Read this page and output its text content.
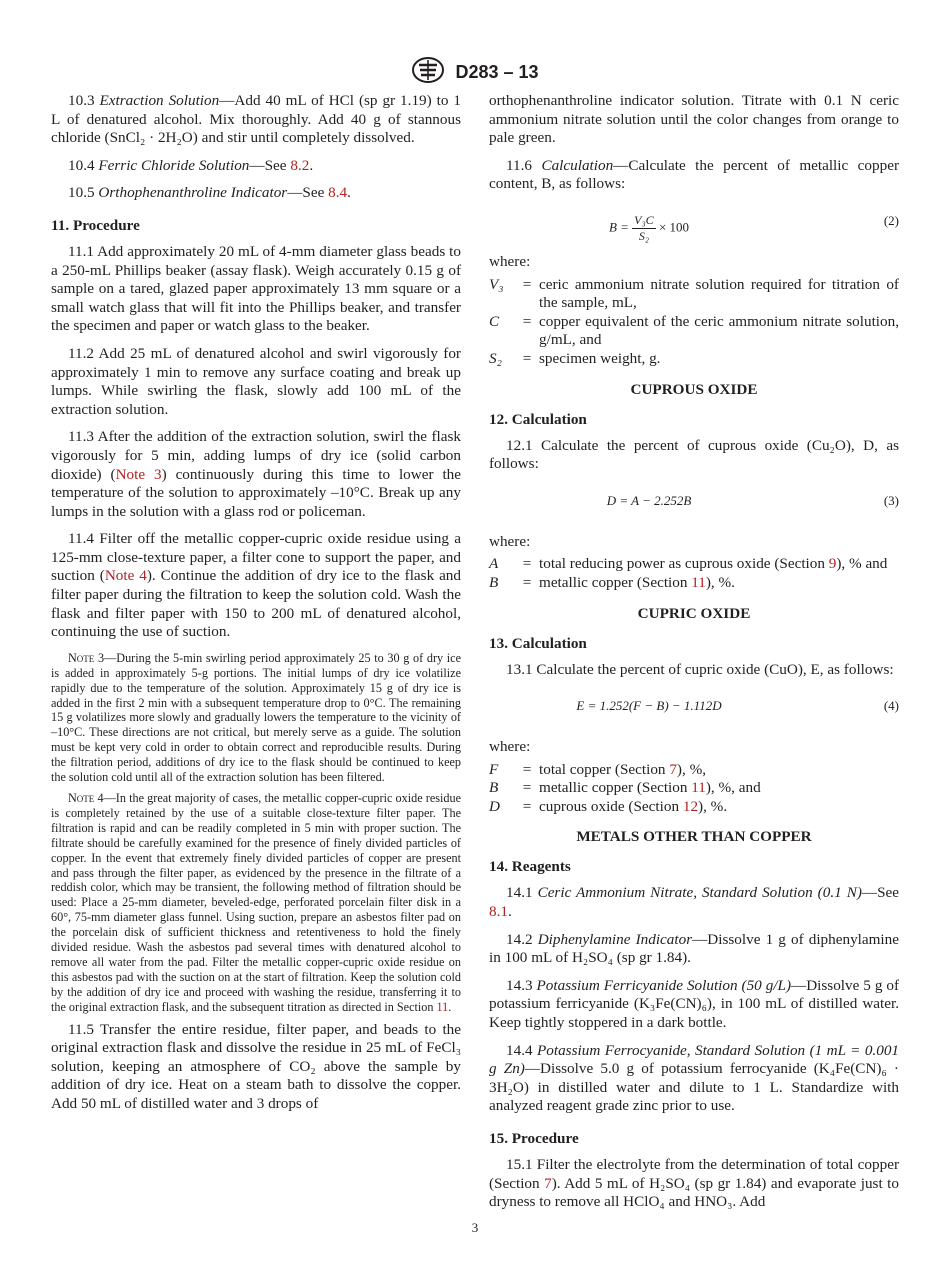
D283 – 13

10.3 Extraction Solution—Add 40 mL of HCl (sp gr 1.19) to 1 L of denatured alcohol. Mix thoroughly. Add 40 g of stannous chloride (SnCl₂ · 2H₂O) and stir until completely dissolved.

10.4 Ferric Chloride Solution—See 8.2.

10.5 Orthophenanthroline Indicator—See 8.4.

11. Procedure

11.1 Add approximately 20 mL of 4-mm diameter glass beads to a 250-mL Phillips beaker (assay flask). Weigh accurately 0.15 g of sample on a tared, glazed paper approximately 13 mm square or a small watch glass that will fit into the Phillips beaker, and transfer the specimen and paper or watch glass to the beaker.

11.2 Add 25 mL of denatured alcohol and swirl vigorously for approximately 1 min to remove any surface coating and break up lumps. While swirling the flask, slowly add 100 mL of the extraction solution.

11.3 After the addition of the extraction solution, swirl the flask vigorously for 5 min, adding lumps of dry ice (solid carbon dioxide) (Note 3) continuously during this time to lower the temperature of the solution to approximately –10°C. Break up any lumps in the solution with a glass rod or policeman.

11.4 Filter off the metallic copper-cupric oxide residue using a 125-mm close-texture paper, a filter cone to support the paper, and suction (Note 4). Continue the addition of dry ice to the flask and filter paper during the filtration to keep the solution cold. Wash the flask and filter paper with 150 to 200 mL of denatured alcohol, continuing the use of suction.

Note 3—During the 5-min swirling period approximately 25 to 30 g of dry ice is added in approximately 5-g portions. The initial lumps of dry ice volatilize rapidly due to the temperature of the solution. Approximately 15 g of dry ice is added in the first 2 min with a subsequent temperature drop to 0°C. The remaining 15 g volatilizes more slowly and gradually lowers the temperature to the vicinity of –10°C. These directions are not critical, but merely serve as a guide. The solution must be kept very cold in order to obtain correct and reproducible results. During the filtration period, additions of dry ice to the flask should be continued to keep the solution cold until all of the extraction solution has been filtered.

Note 4—In the great majority of cases, the metallic copper-cupric oxide residue is completely retained by the use of a suitable close-texture filter paper. The filtration is rapid and can be readily completed in 5 min with proper suction. The filtrate should be carefully examined for the presence of finely divided particles of copper. In the event that extremely finely divided particles of copper are present and pass through the filter paper, as evidenced by the presence in the filtrate of a reddish color, which may be transient, the following method of filtration should be used: Place a 25-mm diameter, beveled-edge, perforated porcelain filter disk in a 60°, 75-mm diameter glass funnel. Using suction, prepare an asbestos filter pad on the porcelain disk of sufficient thickness and retentiveness to hold the finely divided residue. Wash the asbestos pad several times with denatured alcohol to remove all water from the pad. Filter the metallic copper-cupric oxide residue on this asbestos pad with the suction on at the start of filtration. Keep the solution cold by the addition of dry ice and proceed with washing the residue, transferring it to the original extraction flask, and the subsequent titration as directed in Section 11.

11.5 Transfer the entire residue, filter paper, and beads to the original extraction flask and dissolve the residue in 25 mL of FeCl₃ solution, keeping an atmosphere of CO₂ above the sample by addition of dry ice. Heat on a steam bath to dissolve the copper. Add 50 mL of distilled water and 3 drops of

orthophenanthroline indicator solution. Titrate with 0.1 N ceric ammonium nitrate solution until the color changes from orange to pale green.

11.6 Calculation—Calculate the percent of metallic copper content, B, as follows:

$B = \frac{\text{V₃C}}{\text{S₂}} \times 100$	(2)

where:

V₃	= ceric ammonium nitrate solution required for titration of the sample, mL,
C	= copper equivalent of the ceric ammonium nitrate solution, g/mL, and
S₂	= specimen weight, g.
CUPROUS OXIDE
12. Calculation

12.1 Calculate the percent of cuprous oxide (Cu₂O), D, as follows:

D = A − 2.252B	(3)

where:

A	= total reducing power as cuprous oxide (Section 9), % and
B	= metallic copper (Section 11), %.
CUPRIC OXIDE
13. Calculation

13.1 Calculate the percent of cupric oxide (CuO), E, as follows:

E = 1.252(F − B) − 1.112D	(4)

where:

F	= total copper (Section 7), %,
B	= metallic copper (Section 11), %, and
D	= cuprous oxide (Section 12), %.
METALS OTHER THAN COPPER
14. Reagents

14.1 Ceric Ammonium Nitrate, Standard Solution (0.1 N)—See 8.1.

14.2 Diphenylamine Indicator—Dissolve 1 g of diphenylamine in 100 mL of H₂SO₄ (sp gr 1.84).

14.3 Potassium Ferricyanide Solution (50 g/L)—Dissolve 5 g of potassium ferricyanide (K₃Fe(CN)₆), in 100 mL of distilled water. Keep tightly stoppered in a dark bottle.

14.4 Potassium Ferrocyanide, Standard Solution (1 mL = 0.001 g Zn)—Dissolve 5.0 g of potassium ferrocyanide (K₄Fe(CN)₆ · 3H₂O) in distilled water and dilute to 1 L. Standardize with analyzed reagent grade zinc prior to use.

15. Procedure

15.1 Filter the electrolyte from the determination of total copper (Section 7). Add 5 mL of H₂SO₄ (sp gr 1.84) and evaporate just to dryness to remove all HClO₄ and HNO₃. Add

3
